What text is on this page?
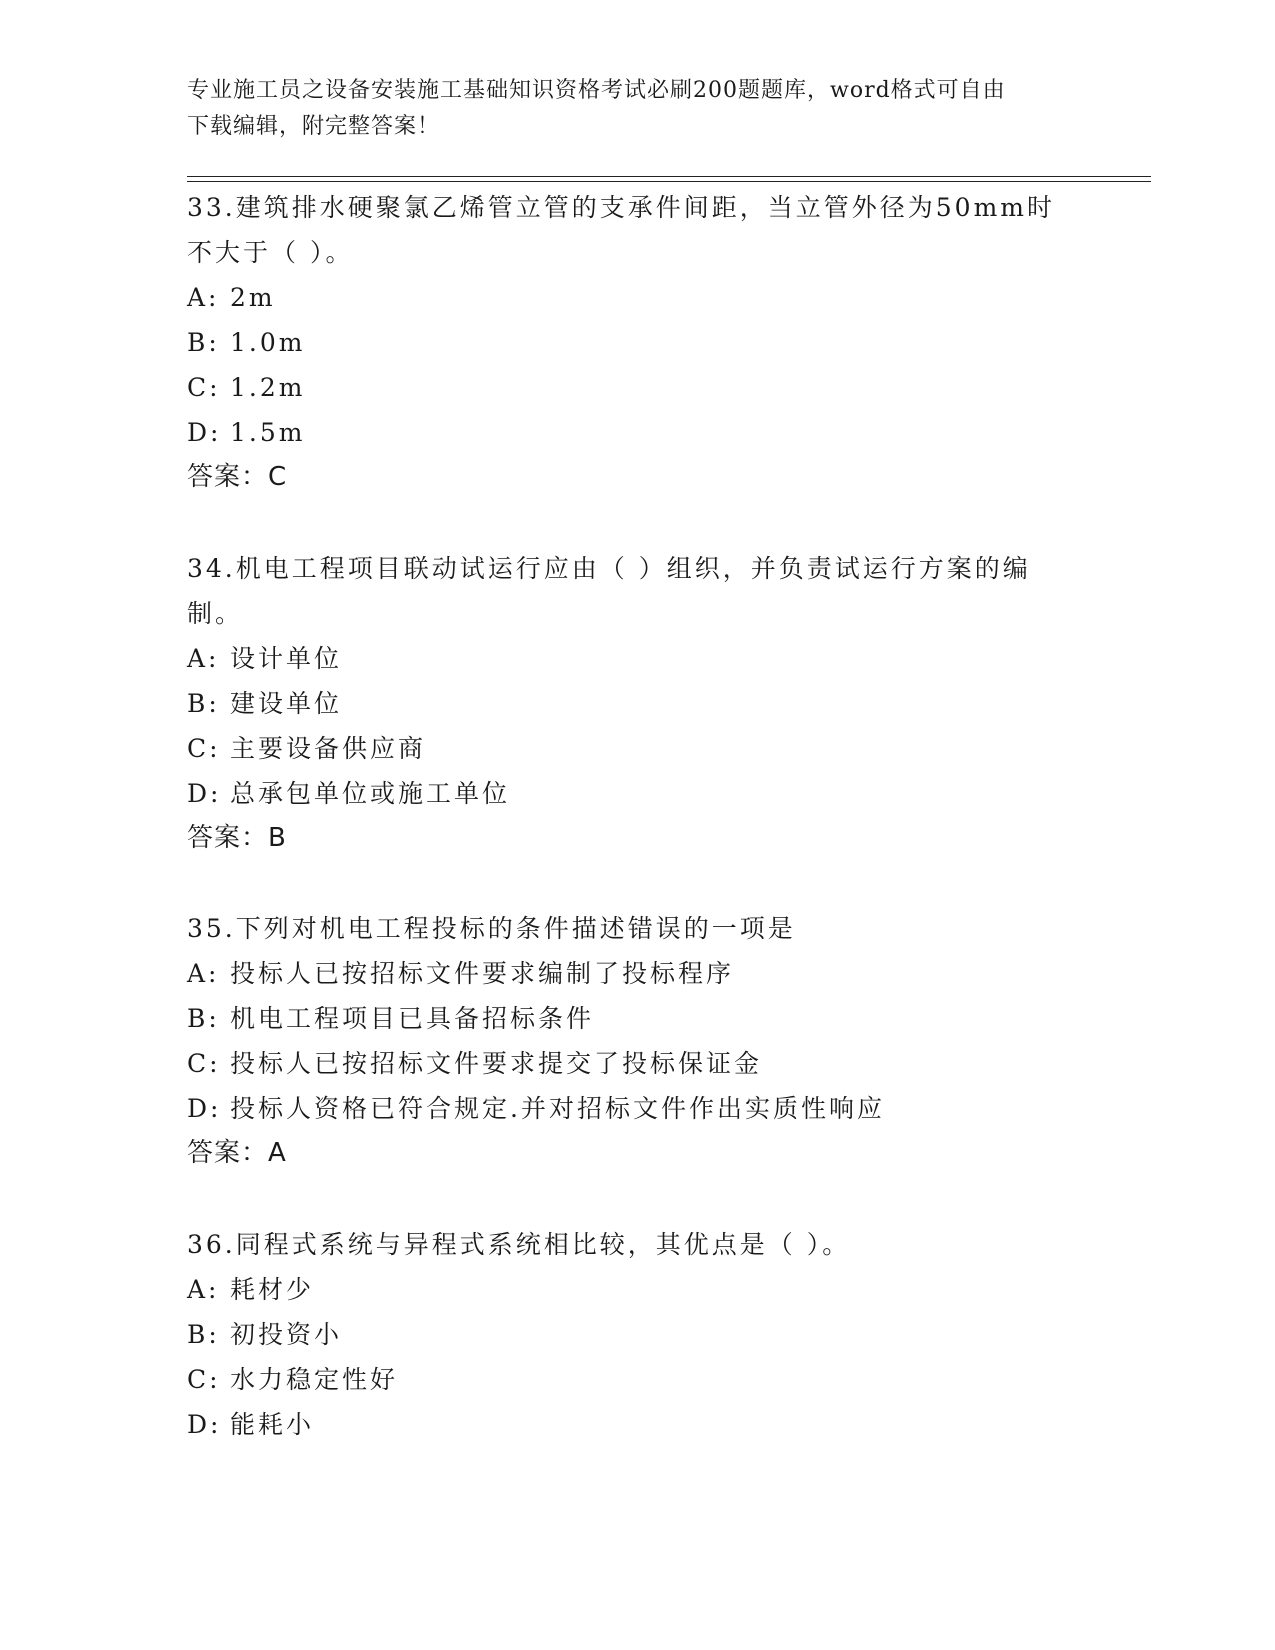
专业施工员之设备安装施工基础知识资格考试必刷200题题库，word格式可自由
下载编辑，附完整答案！
33.建筑排水硬聚氯乙烯管立管的支承件间距，当立管外径为50mm时
不大于（ ）。
A: 2m
B: 1.0m
C: 1.2m
D: 1.5m
答案：C
34.机电工程项目联动试运行应由（ ）组织，并负责试运行方案的编
制。
A: 设计单位
B: 建设单位
C: 主要设备供应商
D: 总承包单位或施工单位
答案：B
35.下列对机电工程投标的条件描述错误的一项是
A: 投标人已按招标文件要求编制了投标程序
B: 机电工程项目已具备招标条件
C: 投标人已按招标文件要求提交了投标保证金
D: 投标人资格已符合规定.并对招标文件作出实质性响应
答案：A
36.同程式系统与异程式系统相比较，其优点是（ ）。
A: 耗材少
B: 初投资小
C: 水力稳定性好
D: 能耗小
